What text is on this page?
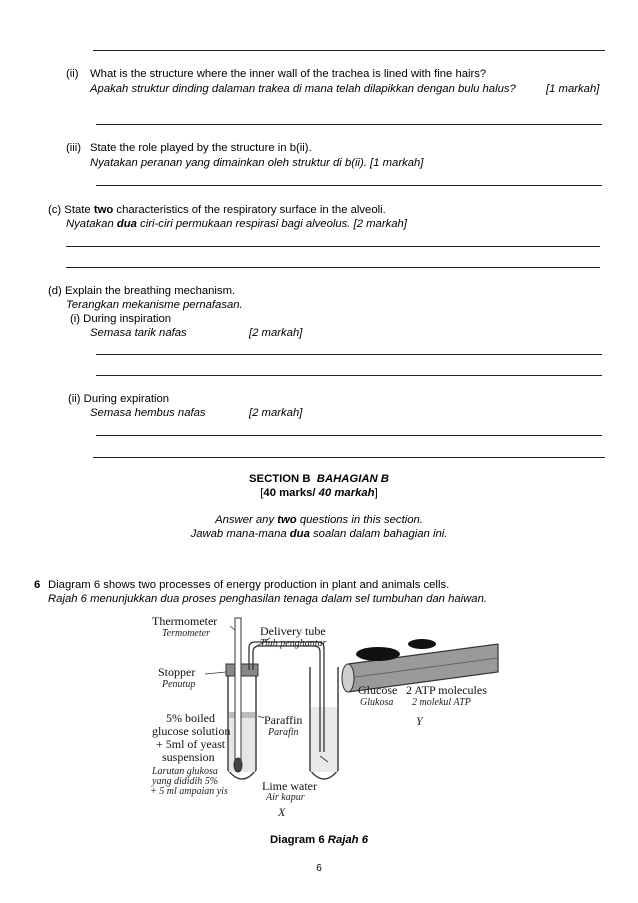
(ii) What is the structure where the inner wall of the trachea is lined with fine hairs?
Apakah struktur dinding dalaman trakea di mana telah dilapikkan dengan bulu halus?	[1 markah]
(iii) State the role played by the structure in b(ii).
Nyatakan peranan yang dimainkan oleh struktur di b(ii). [1 markah]
(c) State two characteristics of the respiratory surface in the alveoli.
Nyatakan dua ciri-ciri permukaan respirasi bagi alveolus. [2 markah]
(d) Explain the breathing mechanism.
Terangkan mekanisme pernafasan.
(i) During inspiration
Semasa tarik nafas	[2 markah]
(ii) During expiration
Semasa hembus nafas	[2 markah]
SECTION B BAHAGIAN B
[40 marks/ 40 markah]
Answer any two questions in this section.
Jawab mana-mana dua soalan dalam bahagian ini.
6 Diagram 6 shows two processes of energy production in plant and animals cells.
Rajah 6 menunjukkan dua proses penghasilan tenaga dalam sel tumbuhan dan haiwan.
Thermometer
Termometer	Delivery tube
Tiub penghantar
Stopper
Penutup
5% boiled
glucose solution
+ 5ml of yeast
suspension
Larutan glukosa
yang dididih 5%
+ 5 ml ampaian yis
Paraffin
Parafin
Lime water
Air kapur
X
Glucose
Glukosa
2 ATP molecules
2 molekul ATP
Y
Diagram 6 Rajah 6
6
